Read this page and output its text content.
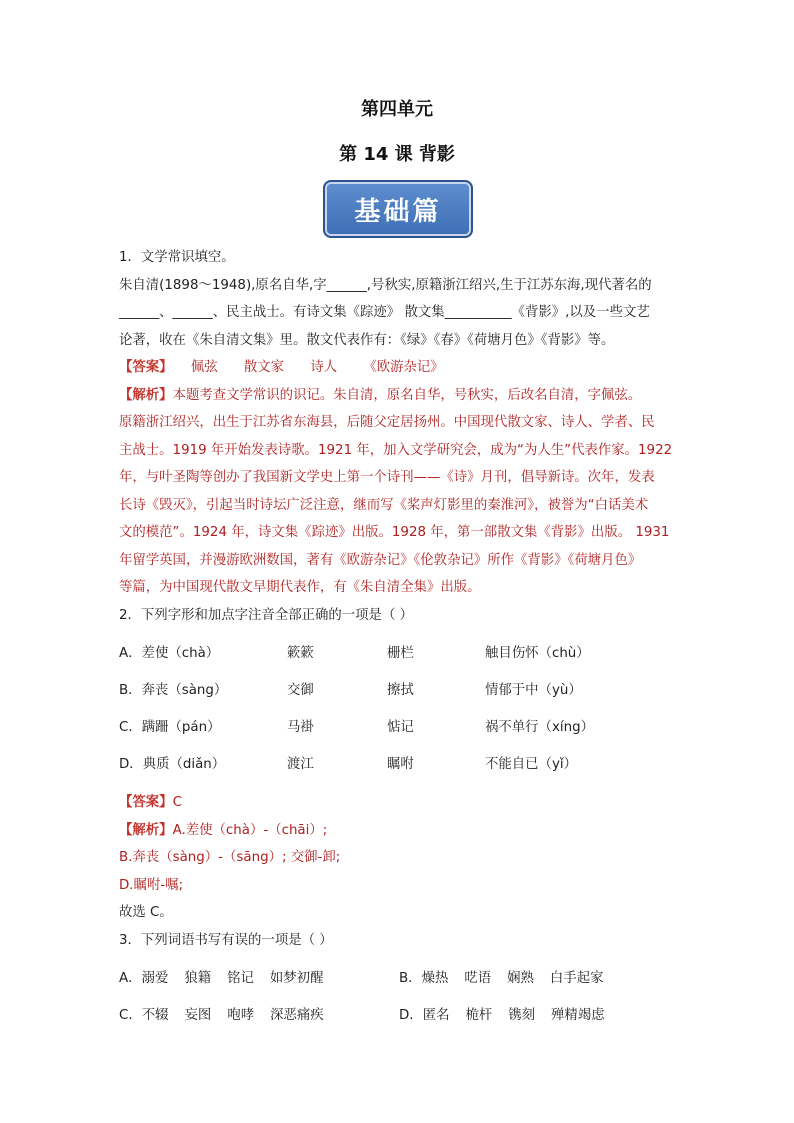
第四单元
第 14 课 背影
基础篇

1．文学常识填空。

朱自清(1898～1948),原名自华,字______,号秋实,原籍浙江绍兴,生于江苏东海,现代著名的

______、______、民主战士。有诗文集《踪迹》 散文集__________《背影》,以及一些文艺

论著，收在《朱自清文集》里。散文代表作有：《绿》《春》《荷塘月色》《背影》等。

【答案】 佩弦 散文家 诗人 《欧游杂记》

【解析】本题考查文学常识的识记。朱自清，原名自华，号秋实，后改名自清，字佩弦。

原籍浙江绍兴，出生于江苏省东海县，后随父定居扬州。中国现代散文家、诗人、学者、民

主战士。1919 年开始发表诗歌。1921 年，加入文学研究会，成为“为人生”代表作家。1922

年，与叶圣陶等创办了我国新文学史上第一个诗刊——《诗》月刊，倡导新诗。次年，发表

长诗《毁灭》，引起当时诗坛广泛注意，继而写《桨声灯影里的秦淮河》，被誉为“白话美术

文的模范”。1924 年，诗文集《踪迹》出版。1928 年，第一部散文集《背影》出版。 1931

年留学英国，并漫游欧洲数国，著有《欧游杂记》《伦敦杂记》所作《背影》《荷塘月色》

等篇，为中国现代散文早期代表作，有《朱自清全集》出版。

2．下列字形和加点字注音全部正确的一项是（ ）

A．差使（chà）	簌簌	栅栏	触目伤怀（chù）
B．奔丧（sàng）	交御	擦拭	情郁于中（yù）
C．蹒跚（pán）	马褂	惦记	祸不单行（xíng）
D．典质（diǎn）	渡江	瞩咐	不能自已（yǐ）

【答案】C

【解析】A.差使（chà）-（chāi）;

B.奔丧（sàng）-（sāng）; 交御-卸;

D.瞩咐-嘱;

故选 C。

3．下列词语书写有误的一项是（ ）

A．溺爱 狼籍 铭记 如梦初醒	B．燥热 呓语 娴熟 白手起家
C．不辍 妄图 咆哮 深恶痛疾	D．匿名 桅杆 镌刻 殚精竭虑
